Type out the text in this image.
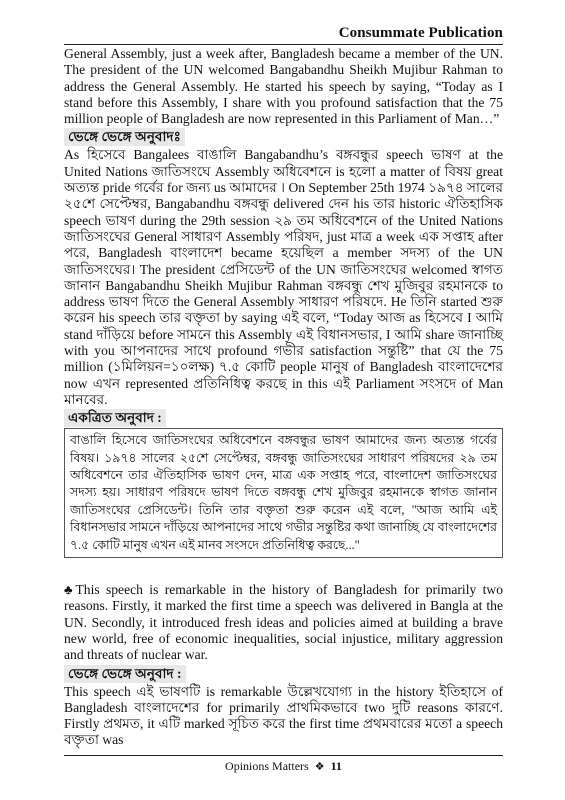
Consummate Publication

General Assembly, just a week after, Bangladesh became a member of the UN. The president of the UN welcomed Bangabandhu Sheikh Mujibur Rahman to address the General Assembly. He started his speech by saying, “Today as I stand before this Assembly, I share with you profound satisfaction that the 75 million people of Bangladesh are now represented in this Parliament of Man…”

ভেঙ্গে ভেঙ্গে অনুবাদঃ

As হিসেবে Bangalees বাঙালি Bangabandhu’s বঙ্গবন্ধুর speech ভাষণ at the United Nations জাতিসংঘে Assembly অধিবেশনে is হলো a matter of বিষয় great অত্যন্ত pride গর্বের for জন্য us আমাদের । On September 25th 1974 ১৯৭৪ সালের ২৫শে সেপ্টেম্বর, Bangabandhu বঙ্গবন্ধু delivered দেন his তার historic ঐতিহাসিক speech ভাষণ during the 29th session ২৯ তম অধিবেশনে of the United Nations জাতিসংঘের General সাধারণ Assembly পরিষদ, just মাত্র a week এক সপ্তাহ after পরে, Bangladesh বাংলাদেশ became হয়েছিল a member সদস্য of the UN জাতিসংঘের। The president প্রেসিডেন্ট of the UN জাতিসংঘের welcomed স্বাগত জানান Bangabandhu Sheikh Mujibur Rahman বঙ্গবন্ধু শেখ মুজিবুর রহমানকে to address ভাষণ দিতে the General Assembly সাধারণ পরিষদে. He তিনি started শুরু করেন his speech তার বক্তৃতা by saying এই বলে, “Today আজ as হিসেবে I আমি stand দাঁড়িয়ে before সামনে this Assembly এই বিধানসভার, I আমি share জানাচ্ছি with you আপনাদের সাথে profound গভীর satisfaction সন্তুষ্টি” that যে the 75 million (১মিলিয়ন=১০লক্ষ) ৭.৫ কোটি people মানুষ of Bangladesh বাংলাদেশের now এখন represented প্রতিনিধিত্ব করছে in this এই Parliament সংসদে of Man মানবের.

একত্রিত অনুবাদ :
বাঙালি হিসেবে জাতিসংঘের অধিবেশনে বঙ্গবন্ধুর ভাষণ আমাদের জন্য অত্যন্ত গর্বের বিষয়। ১৯৭৪ সালের ২৫শে সেপ্টেম্বর, বঙ্গবন্ধু জাতিসংঘের সাধারণ পরিষদের ২৯ তম অধিবেশনে তার ঐতিহাসিক ভাষণ দেন, মাত্র এক সপ্তাহ পরে, বাংলাদেশ জাতিসংঘের সদস্য হয়। সাধারণ পরিষদে ভাষণ দিতে বঙ্গবন্ধু শেখ মুজিবুর রহমানকে স্বাগত জানান জাতিসংঘের প্রেসিডেন্ট। তিনি তার বক্তৃতা শুরু করেন এই বলে, "আজ আমি এই বিধানসভার সামনে দাঁড়িয়ে আপনাদের সাথে গভীর সন্তুষ্টির কথা জানাচ্ছি যে বাংলাদেশের ৭.৫ কোটি মানুষ এখন এই মানব সংসদে প্রতিনিধিত্ব করছে..."

♣This speech is remarkable in the history of Bangladesh for primarily two reasons. Firstly, it marked the first time a speech was delivered in Bangla at the UN. Secondly, it introduced fresh ideas and policies aimed at building a brave new world, free of economic inequalities, social injustice, military aggression and threats of nuclear war.

ভেঙ্গে ভেঙ্গে অনুবাদ :

This speech এই ভাষণটি is remarkable উল্লেখযোগ্য in the history ইতিহাসে of Bangladesh বাংলাদেশের for primarily প্রাথমিকভাবে two দুটি reasons কারণে. Firstly প্রথমত, it এটি marked সূচিত করে the first time প্রথমবারের মতো a speech বক্তৃতা was

Opinions Matters ❖ 11
